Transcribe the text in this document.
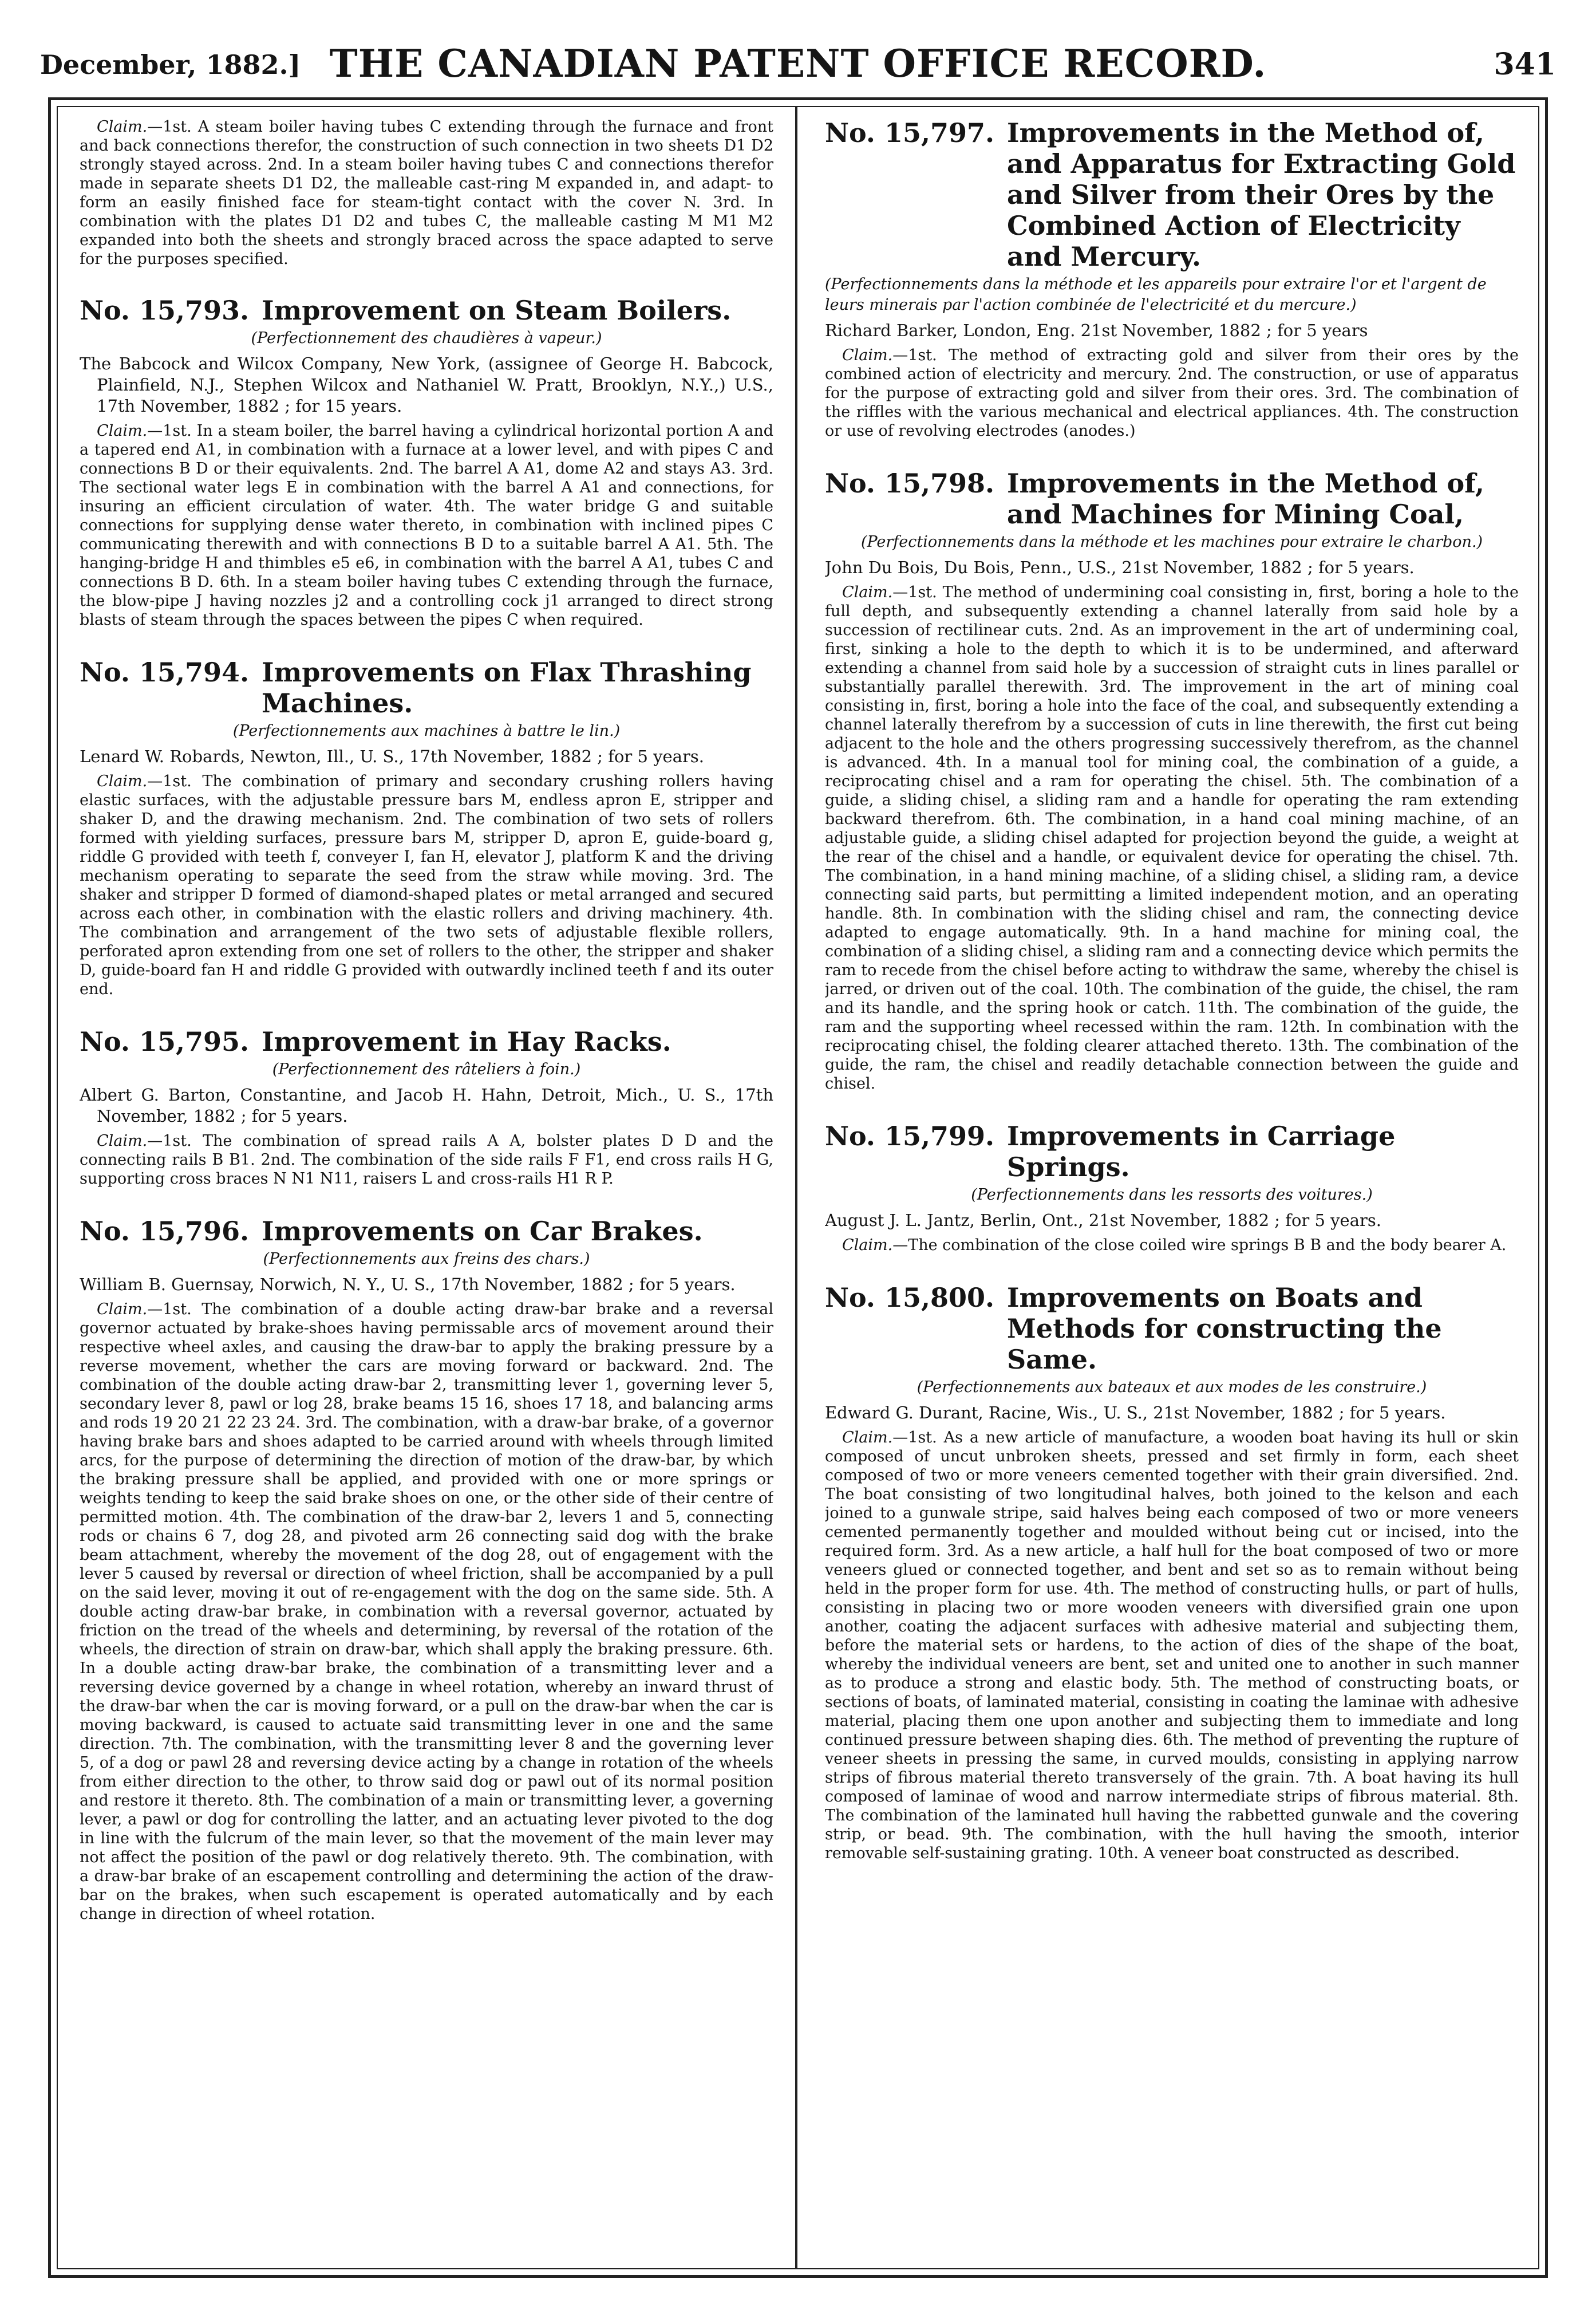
December, 1882.] THE CANADIAN PATENT OFFICE RECORD.	341

Claim.—1st. A steam boiler having tubes C extending through the furnace and front and back connections therefor, the construction of such connection in two sheets D1 D2 strongly stayed across. 2nd. In a steam boiler having tubes C and connections therefor made in separate sheets D1 D2, the malleable cast-ring M expanded in, and adapt- to form an easily finished face for steam-tight contact with the cover N. 3rd. In combination with the plates D1 D2 and tubes C, the malleable casting M M1 M2 expanded into both the sheets and strongly braced across the space adapted to serve for the purposes specified.

No. 15,793. Improvement on Steam Boilers.
(Perfectionnement des chaudières à vapeur.)
The Babcock and Wilcox Company, New York, (assignee of George H. Babcock, Plainfield, N.J., Stephen Wilcox and Nathaniel W. Pratt, Brooklyn, N.Y.,) U.S., 17th November, 1882 ; for 15 years.

Claim.—1st. In a steam boiler, the barrel having a cylindrical horizontal portion A and a tapered end A1, in combination with a furnace at a lower level, and with pipes C and connections B D or their equivalents. 2nd. The barrel A A1, dome A2 and stays A3. 3rd. The sectional water legs E in combination with the barrel A A1 and connections, for insuring an efficient circulation of water. 4th. The water bridge G and suitable connections for supplying dense water thereto, in combination with inclined pipes C communicating therewith and with connections B D to a suitable barrel A A1. 5th. The hanging-bridge H and thimbles e5 e6, in combination with the barrel A A1, tubes C and connections B D. 6th. In a steam boiler having tubes C extending through the furnace, the blow-pipe J having nozzles j2 and a controlling cock j1 arranged to direct strong blasts of steam through the spaces between the pipes C when required.

No. 15,794. Improvements on Flax Thrashing Machines.
(Perfectionnements aux machines à battre le lin.)
Lenard W. Robards, Newton, Ill., U. S., 17th November, 1882 ; for 5 years.

Claim.—1st. The combination of primary and secondary crushing rollers having elastic surfaces, with the adjustable pressure bars M, endless apron E, stripper and shaker D, and the drawing mechanism. 2nd. The combination of two sets of rollers formed with yielding surfaces, pressure bars M, stripper D, apron E, guide-board g, riddle G provided with teeth f, conveyer I, fan H, elevator J, platform K and the driving mechanism operating to separate the seed from the straw while moving. 3rd. The shaker and stripper D formed of diamond-shaped plates or metal arranged and secured across each other, in combination with the elastic rollers and driving machinery. 4th. The combination and arrangement of the two sets of adjustable flexible rollers, perforated apron extending from one set of rollers to the other, the stripper and shaker D, guide-board fan H and riddle G provided with outwardly inclined teeth f and its outer end.

No. 15,795. Improvement in Hay Racks.
(Perfectionnement des râteliers à foin.)
Albert G. Barton, Constantine, and Jacob H. Hahn, Detroit, Mich., U. S., 17th November, 1882 ; for 5 years.

Claim.—1st. The combination of spread rails A A, bolster plates D D and the connecting rails B B1. 2nd. The combination of the side rails F F1, end cross rails H G, supporting cross braces N N1 N11, raisers L and cross-rails H1 R P.

No. 15,796. Improvements on Car Brakes.
(Perfectionnements aux freins des chars.)
William B. Guernsay, Norwich, N. Y., U. S., 17th November, 1882 ; for 5 years.

Claim.—1st. The combination of a double acting draw-bar brake and a reversal governor actuated by brake-shoes having permissable arcs of movement around their respective wheel axles, and causing the draw-bar to apply the braking pressure by a reverse movement, whether the cars are moving forward or backward. 2nd. The combination of the double acting draw-bar 2, transmitting lever 1, governing lever 5, secondary lever 8, pawl or log 28, brake beams 15 16, shoes 17 18, and balancing arms and rods 19 20 21 22 23 24. 3rd. The combination, with a draw-bar brake, of a governor having brake bars and shoes adapted to be carried around with wheels through limited arcs, for the purpose of determining the direction of motion of the draw-bar, by which the braking pressure shall be applied, and provided with one or more springs or weights tending to keep the said brake shoes on one, or the other side of their centre of permitted motion. 4th. The combination of the draw-bar 2, levers 1 and 5, connecting rods or chains 6 7, dog 28, and pivoted arm 26 connecting said dog with the brake beam attachment, whereby the movement of the dog 28, out of engagement with the lever 5 caused by reversal or direction of wheel friction, shall be accompanied by a pull on the said lever, moving it out of re-engagement with the dog on the same side. 5th. A double acting draw-bar brake, in combination with a reversal governor, actuated by friction on the tread of the wheels and determining, by reversal of the rotation of the wheels, the direction of strain on draw-bar, which shall apply the braking pressure. 6th. In a double acting draw-bar brake, the combination of a transmitting lever and a reversing device governed by a change in wheel rotation, whereby an inward thrust of the draw-bar when the car is moving forward, or a pull on the draw-bar when the car is moving backward, is caused to actuate said transmitting lever in one and the same direction. 7th. The combination, with the transmitting lever 8 and the governing lever 5, of a dog or pawl 28 and reversing device acting by a change in rotation of the wheels from either direction to the other, to throw said dog or pawl out of its normal position and restore it thereto. 8th. The combination of a main or transmitting lever, a governing lever, a pawl or dog for controlling the latter, and an actuating lever pivoted to the dog in line with the fulcrum of the main lever, so that the movement of the main lever may not affect the position of the pawl or dog relatively thereto. 9th. The combination, with a draw-bar brake of an escapement controlling and determining the action of the draw-bar on the brakes, when such escapement is operated automatically and by each change in direction of wheel rotation.

No. 15,797. Improvements in the Method of, and Apparatus for Extracting Gold and Silver from their Ores by the Combined Action of Electricity and Mercury.
(Perfectionnements dans la méthode et les appareils pour extraire l'or et l'argent de leurs minerais par l'action combinée de l'electricité et du mercure.)
Richard Barker, London, Eng. 21st November, 1882 ; for 5 years

Claim.—1st. The method of extracting gold and silver from their ores by the combined action of electricity and mercury. 2nd. The construction, or use of apparatus for the purpose of extracting gold and silver from their ores. 3rd. The combination of the riffles with the various mechanical and electrical appliances. 4th. The construction or use of revolving electrodes (anodes.)

No. 15,798. Improvements in the Method of, and Machines for Mining Coal,
(Perfectionnements dans la méthode et les machines pour extraire le charbon.)
John Du Bois, Du Bois, Penn., U.S., 21st November, 1882 ; for 5 years.

Claim.—1st. The method of undermining coal consisting in, first, boring a hole to the full depth, and subsequently extending a channel laterally from said hole by a succession of rectilinear cuts. 2nd. As an improvement in the art of undermining coal, first, sinking a hole to the depth to which it is to be undermined, and afterward extending a channel from said hole by a succession of straight cuts in lines parallel or substantially parallel therewith. 3rd. The improvement in the art of mining coal consisting in, first, boring a hole into the face of the coal, and subsequently extending a channel laterally therefrom by a succession of cuts in line therewith, the first cut being adjacent to the hole and the others progressing successively therefrom, as the channel is advanced. 4th. In a manual tool for mining coal, the combination of a guide, a reciprocating chisel and a ram for operating the chisel. 5th. The combination of a guide, a sliding chisel, a sliding ram and a handle for operating the ram extending backward therefrom. 6th. The combination, in a hand coal mining machine, of an adjustable guide, a sliding chisel adapted for projection beyond the guide, a weight at the rear of the chisel and a handle, or equivalent device for operating the chisel. 7th. The combination, in a hand mining machine, of a sliding chisel, a sliding ram, a device connecting said parts, but permitting a limited independent motion, and an operating handle. 8th. In combination with the sliding chisel and ram, the connecting device adapted to engage automatically. 9th. In a hand machine for mining coal, the combination of a sliding chisel, a sliding ram and a connecting device which permits the ram to recede from the chisel before acting to withdraw the same, whereby the chisel is jarred, or driven out of the coal. 10th. The combination of the guide, the chisel, the ram and its handle, and the spring hook or catch. 11th. The combination of the guide, the ram and the supporting wheel recessed within the ram. 12th. In combination with the reciprocating chisel, the folding clearer attached thereto. 13th. The combination of the guide, the ram, the chisel and readily detachable connection between the guide and chisel.

No. 15,799. Improvements in Carriage Springs.
(Perfectionnements dans les ressorts des voitures.)
August J. L. Jantz, Berlin, Ont., 21st November, 1882 ; for 5 years.

Claim.—The combination of the close coiled wire springs B B and the body bearer A.

No. 15,800. Improvements on Boats and Methods for constructing the Same.
(Perfectionnements aux bateaux et aux modes de les construire.)
Edward G. Durant, Racine, Wis., U. S., 21st November, 1882 ; for 5 years.

Claim.—1st. As a new article of manufacture, a wooden boat having its hull or skin composed of uncut unbroken sheets, pressed and set firmly in form, each sheet composed of two or more veneers cemented together with their grain diversified. 2nd. The boat consisting of two longitudinal halves, both joined to the kelson and each joined to a gunwale stripe, said halves being each composed of two or more veneers cemented permanently together and moulded without being cut or incised, into the required form. 3rd. As a new article, a half hull for the boat composed of two or more veneers glued or connected together, and bent and set so as to remain without being held in the proper form for use. 4th. The method of constructing hulls, or part of hulls, consisting in placing two or more wooden veneers with diversified grain one upon another, coating the adjacent surfaces with adhesive material and subjecting them, before the material sets or hardens, to the action of dies of the shape of the boat, whereby the individual veneers are bent, set and united one to another in such manner as to produce a strong and elastic body. 5th. The method of constructing boats, or sections of boats, of laminated material, consisting in coating the laminae with adhesive material, placing them one upon another and subjecting them to immediate and long continued pressure between shaping dies. 6th. The method of preventing the rupture of veneer sheets in pressing the same, in curved moulds, consisting in applying narrow strips of fibrous material thereto transversely of the grain. 7th. A boat having its hull composed of laminae of wood and narrow intermediate strips of fibrous material. 8th. The combination of the laminated hull having the rabbetted gunwale and the covering strip, or bead. 9th. The combination, with the hull having the smooth, interior removable self-sustaining grating. 10th. A veneer boat constructed as described.
